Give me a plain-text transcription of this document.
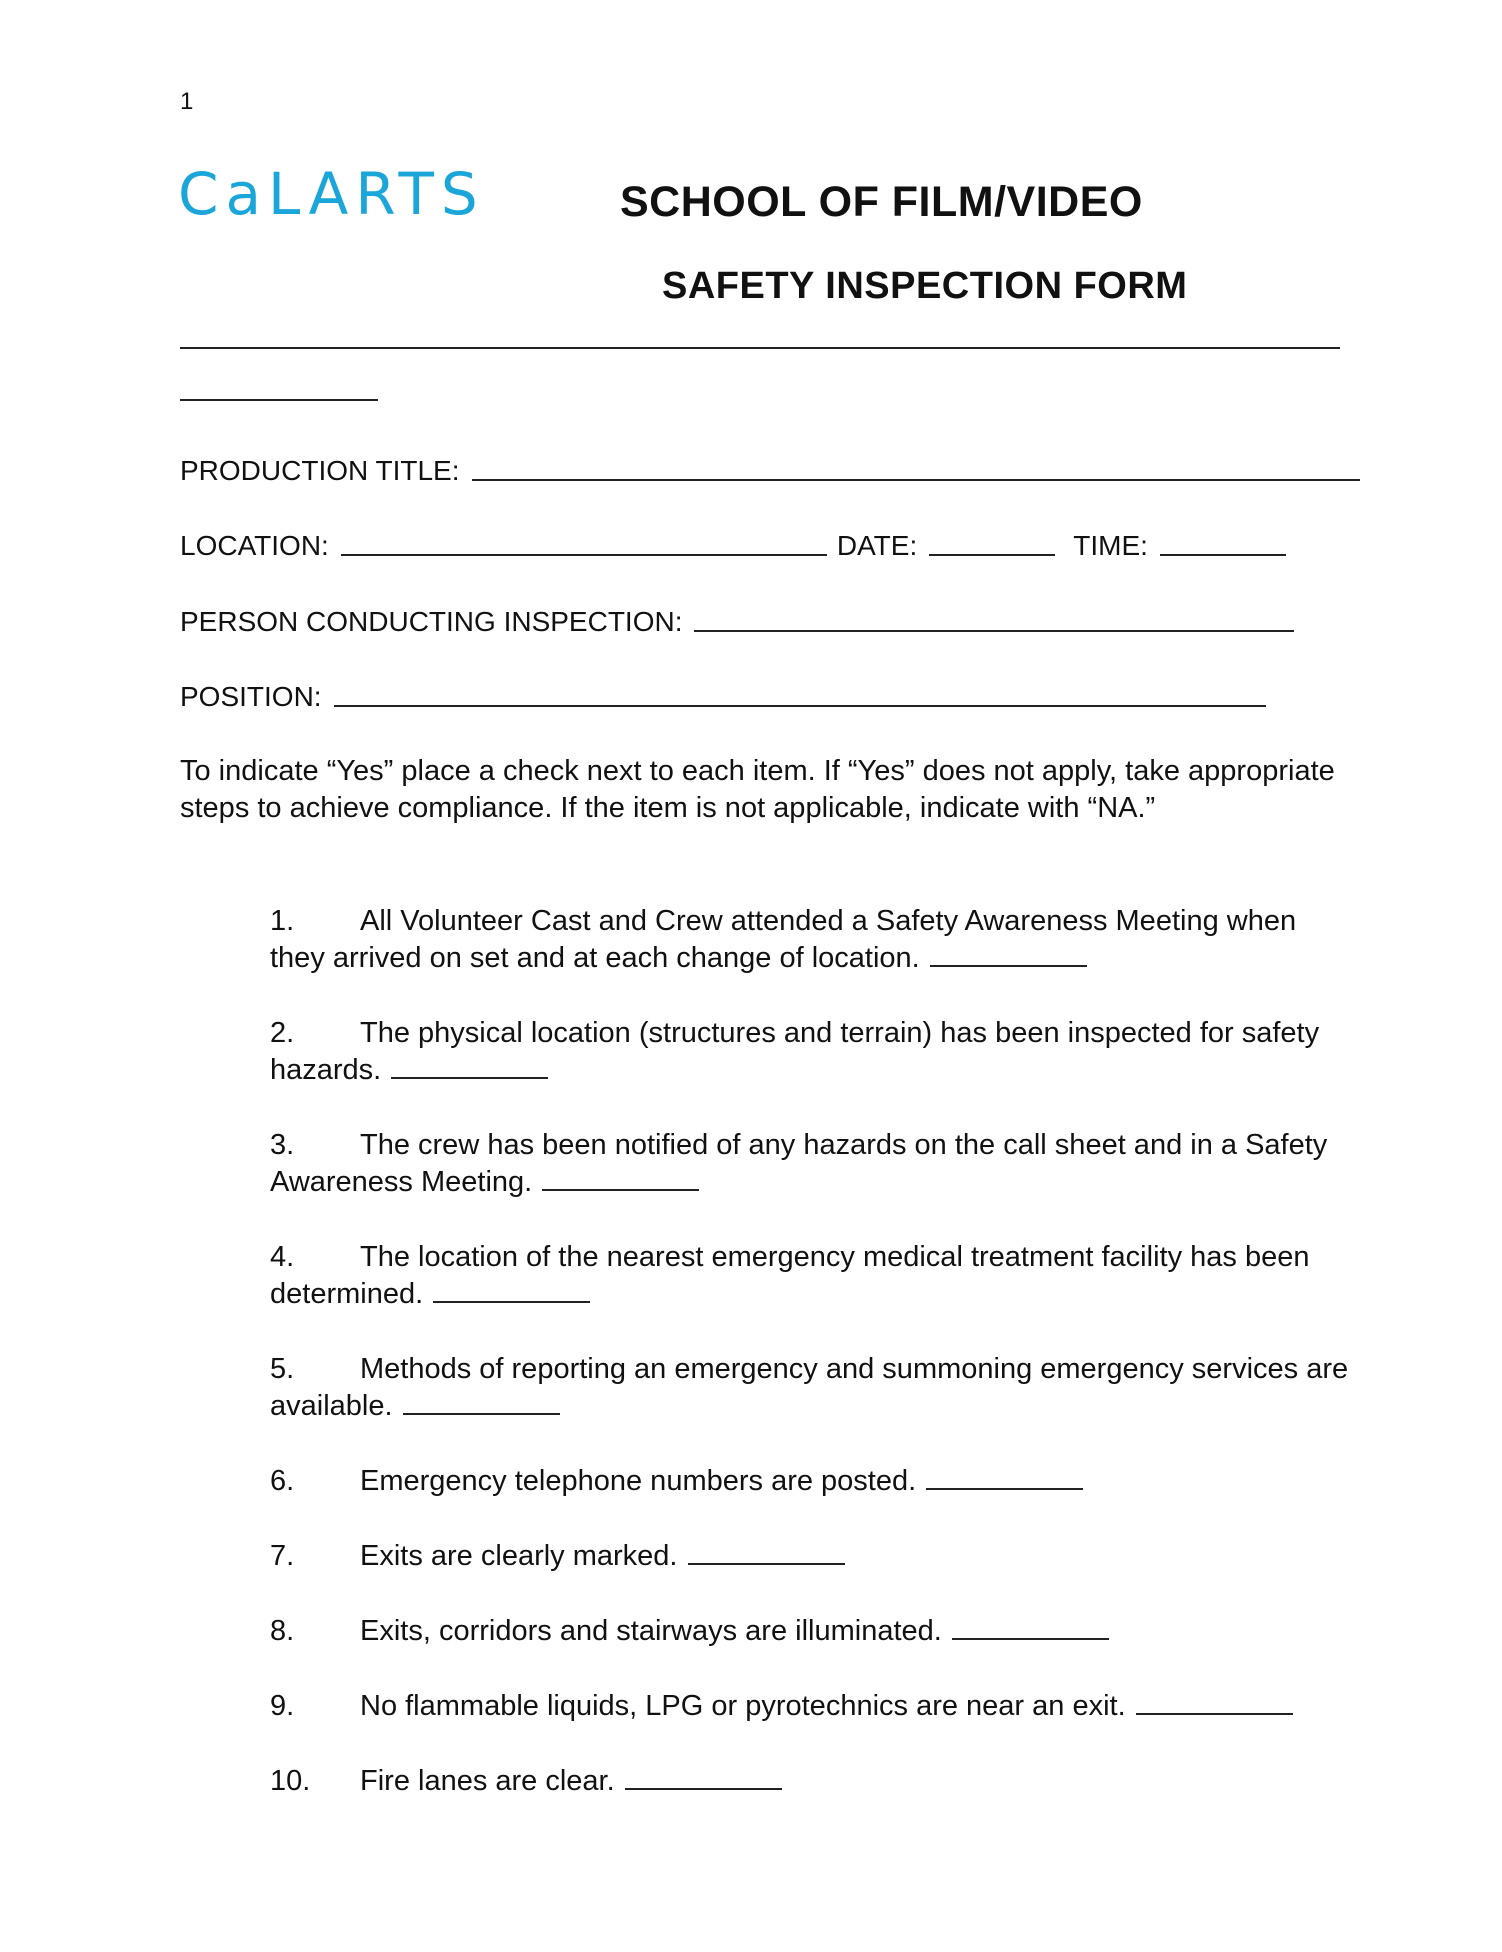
1
CaLARTS	SCHOOL OF FILM/VIDEO
SAFETY INSPECTION FORM
PRODUCTION TITLE:
LOCATION:	DATE:	TIME:
PERSON CONDUCTING INSPECTION:
POSITION:
To indicate “Yes” place a check next to each item. If “Yes” does not apply, take appropriate steps to achieve compliance. If the item is not applicable, indicate with “NA.”
1. All Volunteer Cast and Crew attended a Safety Awareness Meeting when they arrived on set and at each change of location.
2. The physical location (structures and terrain) has been inspected for safety hazards.
3. The crew has been notified of any hazards on the call sheet and in a Safety Awareness Meeting.
4. The location of the nearest emergency medical treatment facility has been determined.
5. Methods of reporting an emergency and summoning emergency services are available.
6. Emergency telephone numbers are posted.
7. Exits are clearly marked.
8. Exits, corridors and stairways are illuminated.
9. No flammable liquids, LPG or pyrotechnics are near an exit.
10. Fire lanes are clear.
